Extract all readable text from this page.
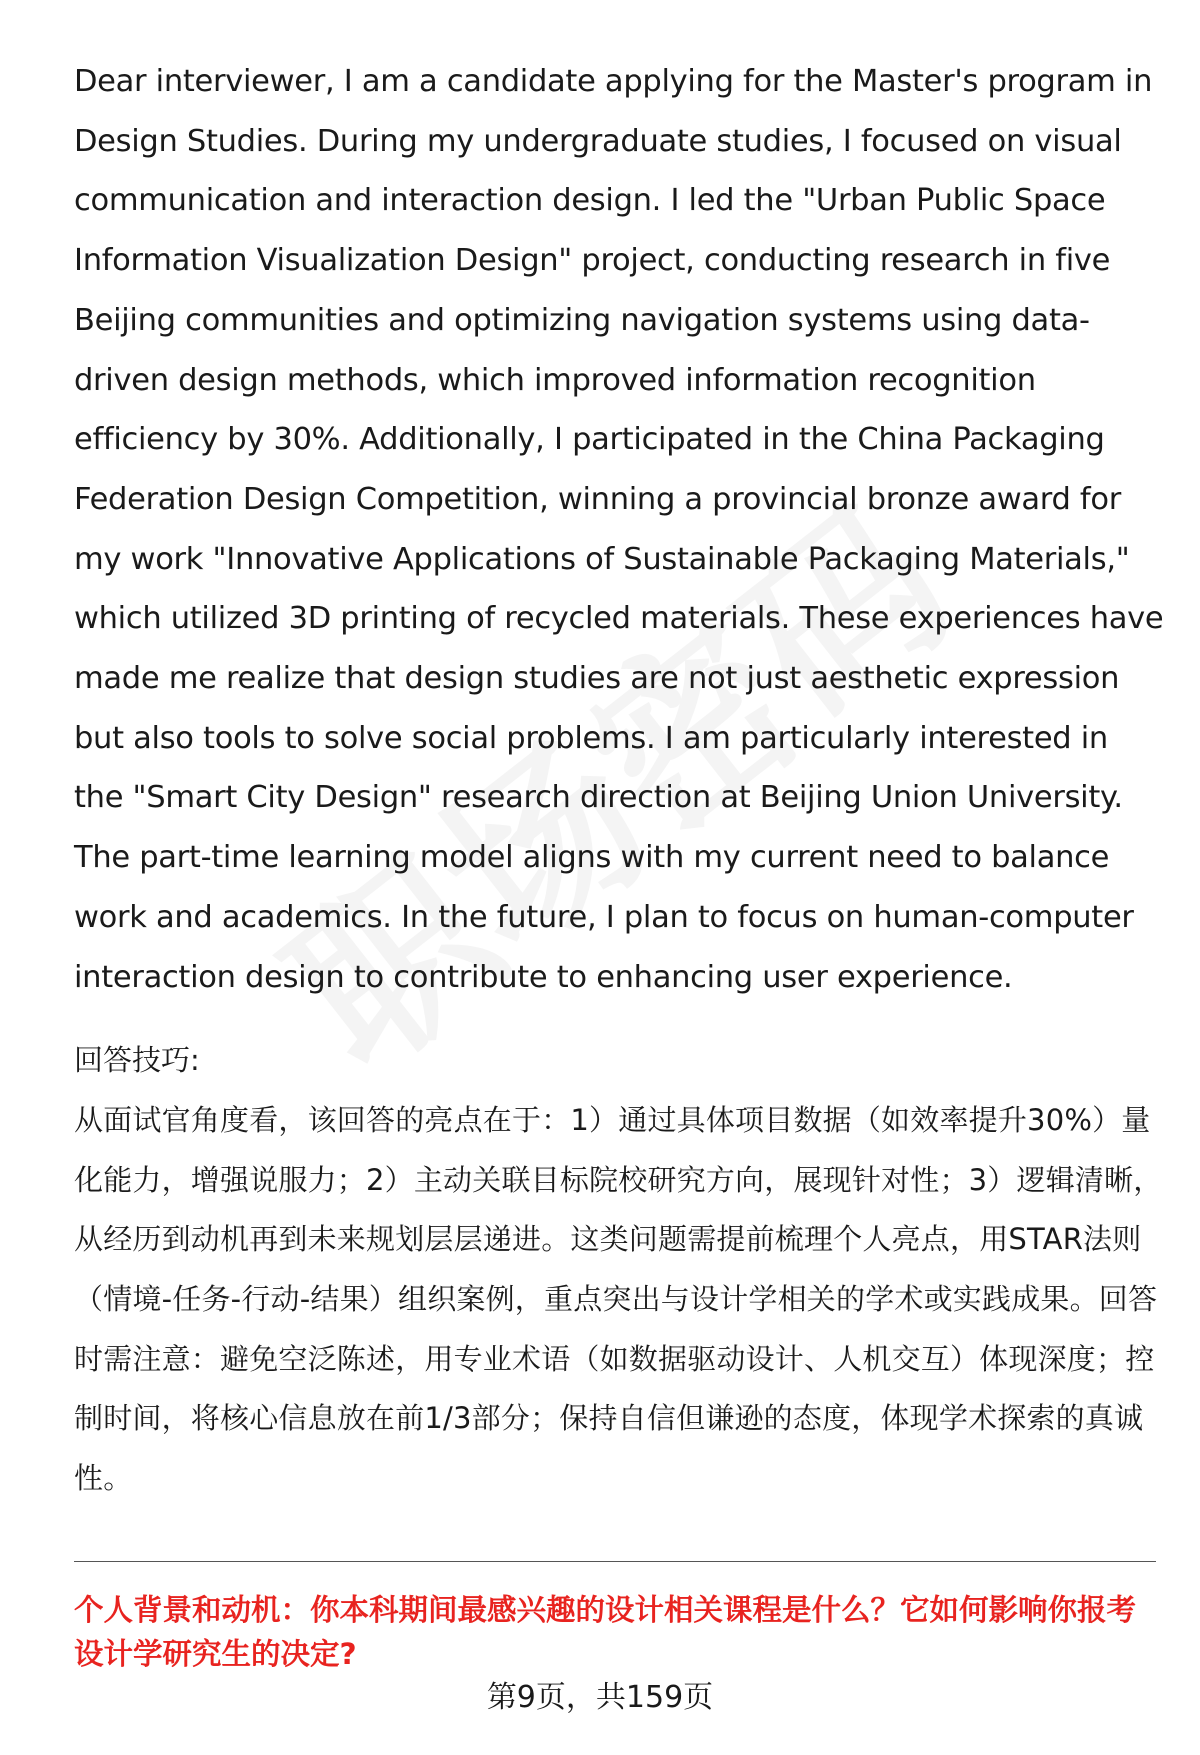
Dear interviewer, I am a candidate applying for the Master's program in Design Studies. During my undergraduate studies, I focused on visual communication and interaction design. I led the "Urban Public Space Information Visualization Design" project, conducting research in five Beijing communities and optimizing navigation systems using data-driven design methods, which improved information recognition efficiency by 30%. Additionally, I participated in the China Packaging Federation Design Competition, winning a provincial bronze award for my work "Innovative Applications of Sustainable Packaging Materials," which utilized 3D printing of recycled materials. These experiences have made me realize that design studies are not just aesthetic expression but also tools to solve social problems. I am particularly interested in the "Smart City Design" research direction at Beijing Union University. The part-time learning model aligns with my current need to balance work and academics. In the future, I plan to focus on human-computer interaction design to contribute to enhancing user experience.

回答技巧:

从面试官角度看，该回答的亮点在于：1）通过具体项目数据（如效率提升30%）量化能力，增强说服力；2）主动关联目标院校研究方向，展现针对性；3）逻辑清晰，从经历到动机再到未来规划层层递进。这类问题需提前梳理个人亮点，用STAR法则（情境-任务-行动-结果）组织案例，重点突出与设计学相关的学术或实践成果。回答时需注意：避免空泛陈述，用专业术语（如数据驱动设计、人机交互）体现深度；控制时间，将核心信息放在前1/3部分；保持自信但谦逊的态度，体现学术探索的真诚性。

个人背景和动机：你本科期间最感兴趣的设计相关课程是什么？它如何影响你报考设计学研究生的决定?

第9页，共159页
